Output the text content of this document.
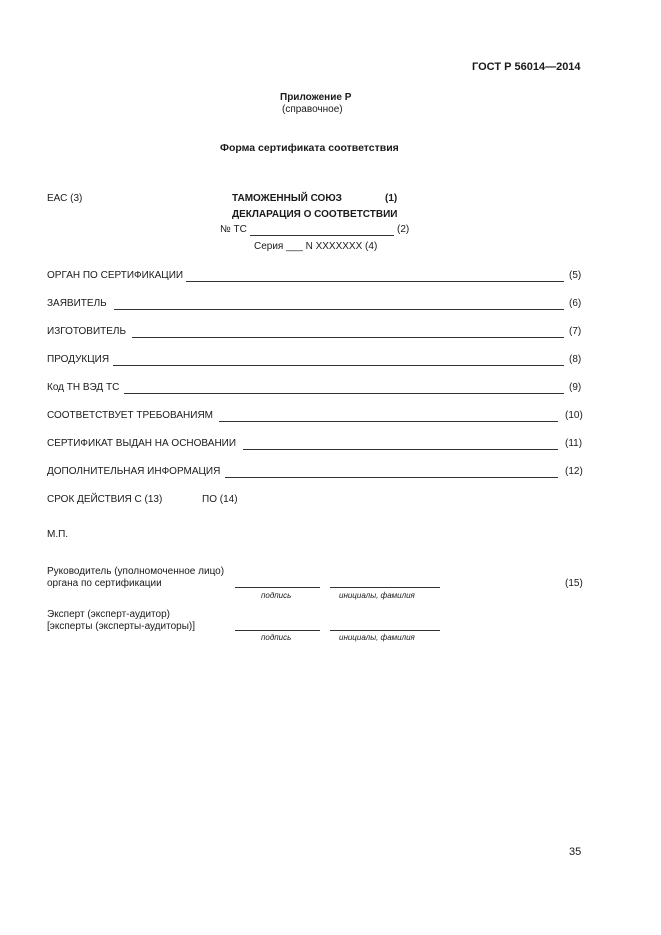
ГОСТ Р 56014—2014
Приложение Р
(справочное)
Форма сертификата соответствия
ЕАС (3)	ТАМОЖЕННЫЙ СОЮЗ	(1)
ДЕКЛАРАЦИЯ О СООТВЕТСТВИИ
№ ТС	(2)
Серия ___ N XXXXXXX (4)
ОРГАН ПО СЕРТИФИКАЦИИ	(5)
ЗАЯВИТЕЛЬ	(6)
ИЗГОТОВИТЕЛЬ	(7)
ПРОДУКЦИЯ	(8)
Код ТН ВЭД ТС	(9)
СООТВЕТСТВУЕТ ТРЕБОВАНИЯМ	(10)
СЕРТИФИКАТ ВЫДАН НА ОСНОВАНИИ	(11)
ДОПОЛНИТЕЛЬНАЯ ИНФОРМАЦИЯ	(12)
СРОК ДЕЙСТВИЯ С (13)	ПО (14)
М.П.
Руководитель (уполномоченное лицо)
органа по сертификации
подпись	инициалы, фамилия
(15)
Эксперт (эксперт-аудитор)
[эксперты (эксперты-аудиторы)]
подпись	инициалы, фамилия
35
